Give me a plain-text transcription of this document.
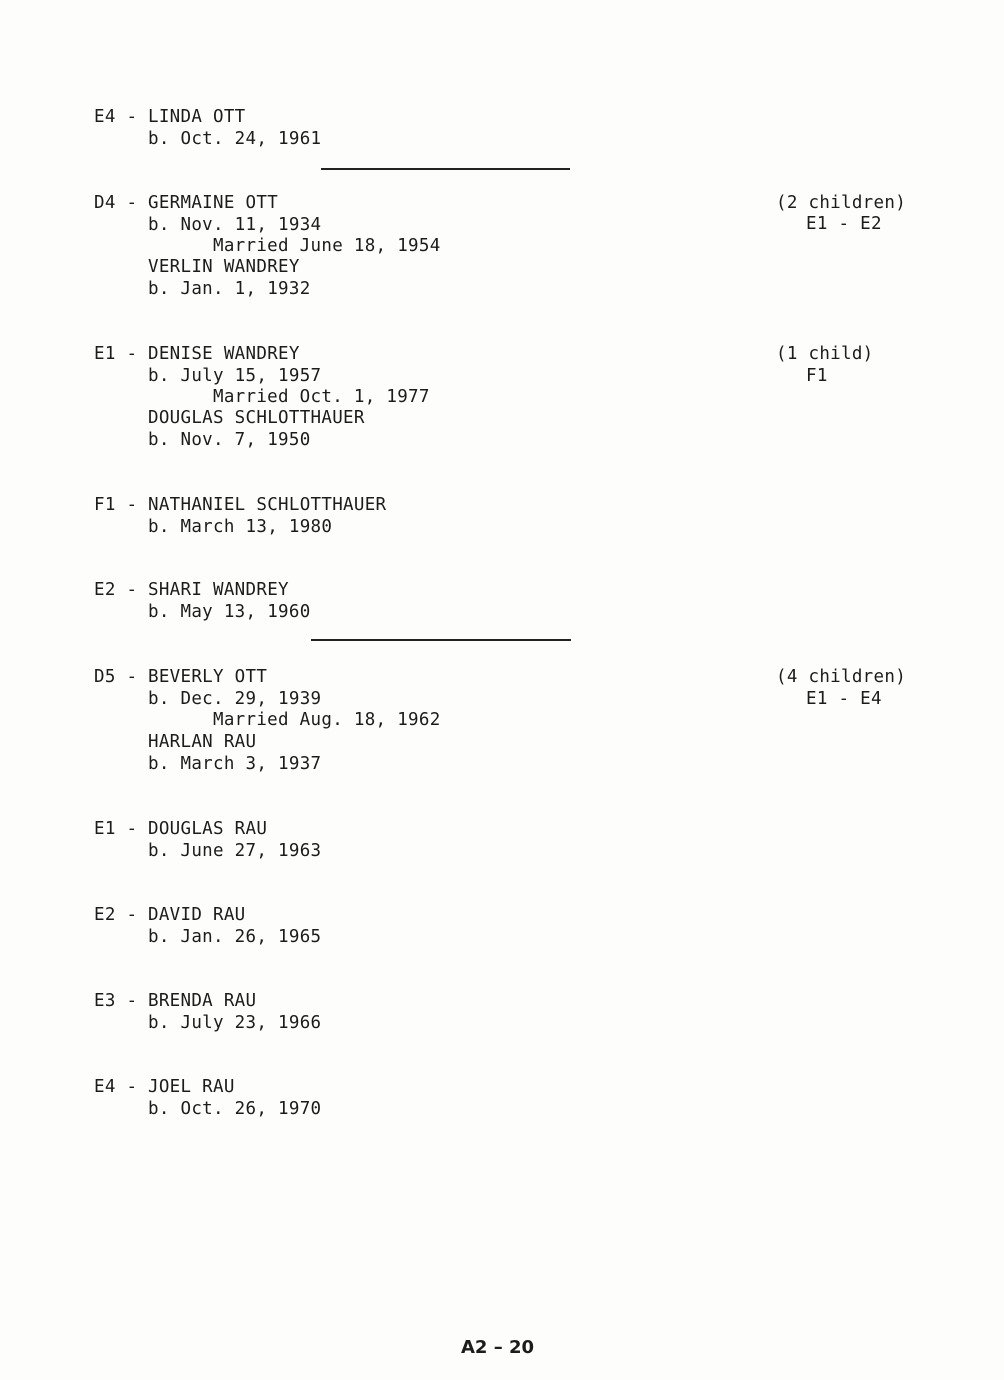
E4 - LINDA OTT
b. Oct. 24, 1961
D4 - GERMAINE OTT
b. Nov. 11, 1934
Married June 18, 1954
VERLIN WANDREY
b. Jan. 1, 1932
(2 children)
E1 - E2
E1 - DENISE WANDREY
b. July 15, 1957
Married Oct. 1, 1977
DOUGLAS SCHLOTTHAUER
b. Nov. 7, 1950
(1 child)
F1
F1 - NATHANIEL SCHLOTTHAUER
b. March 13, 1980
E2 - SHARI WANDREY
b. May 13, 1960
D5 - BEVERLY OTT
b. Dec. 29, 1939
Married Aug. 18, 1962
HARLAN RAU
b. March 3, 1937
(4 children)
E1 - E4
E1 - DOUGLAS RAU
b. June 27, 1963
E2 - DAVID RAU
b. Jan. 26, 1965
E3 - BRENDA RAU
b. July 23, 1966
E4 - JOEL RAU
b. Oct. 26, 1970
A2 – 20
